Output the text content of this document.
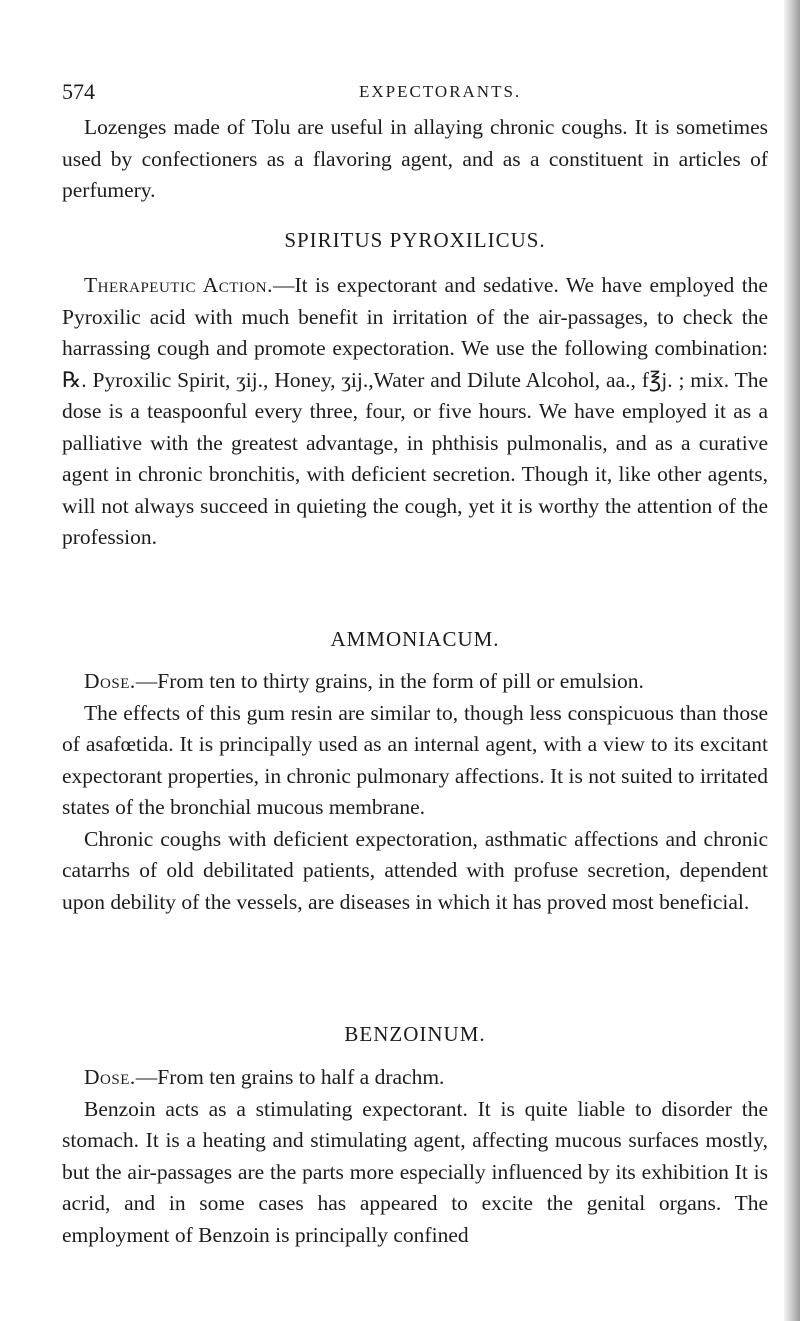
574	EXPECTORANTS.

Lozenges made of Tolu are useful in allaying chronic coughs. It is sometimes used by confectioners as a flavoring agent, and as a constituent in articles of perfumery.

SPIRITUS PYROXILICUS.

Therapeutic Action.—It is expectorant and sedative. We have employed the Pyroxilic acid with much benefit in irritation of the air-passages, to check the harrassing cough and promote expectoration. We use the following combination: ℞. Pyroxilic Spirit, ʒij., Honey, ʒij.,Water and Dilute Alcohol, aa., f℥j. ; mix. The dose is a teaspoonful every three, four, or five hours. We have employed it as a palliative with the greatest advantage, in phthisis pulmonalis, and as a curative agent in chronic bronchitis, with deficient secretion. Though it, like other agents, will not always succeed in quieting the cough, yet it is worthy the attention of the profession.

AMMONIACUM.

Dose.—From ten to thirty grains, in the form of pill or emulsion.

The effects of this gum resin are similar to, though less conspicuous than those of asafœtida. It is principally used as an internal agent, with a view to its excitant expectorant properties, in chronic pulmonary affections. It is not suited to irritated states of the bronchial mucous membrane.

Chronic coughs with deficient expectoration, asthmatic affections and chronic catarrhs of old debilitated patients, attended with profuse secretion, dependent upon debility of the vessels, are diseases in which it has proved most beneficial.

BENZOINUM.

Dose.—From ten grains to half a drachm.

Benzoin acts as a stimulating expectorant. It is quite liable to disorder the stomach. It is a heating and stimulating agent, affecting mucous surfaces mostly, but the air-passages are the parts more especially influenced by its exhibition It is acrid, and in some cases has appeared to excite the genital organs. The employment of Benzoin is principally confined
